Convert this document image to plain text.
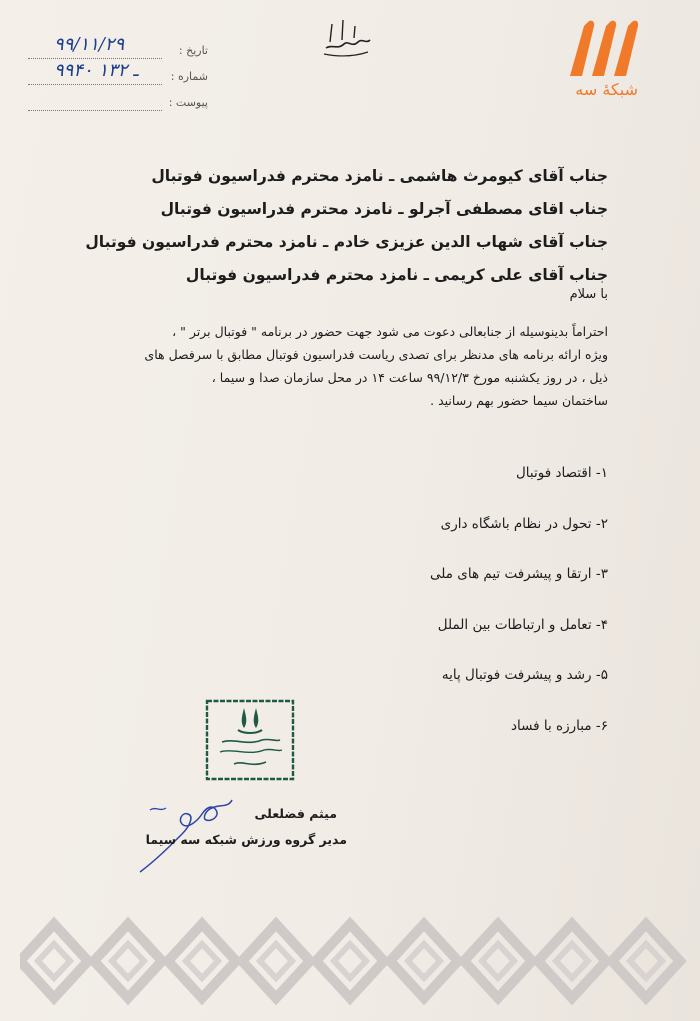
شبکهٔ سه
تاریخ :
۹۹/۱۱/۲۹
شماره :
۹۹۴۰ ـ ۱۳۲
پیوست :
جناب آقای کیومرث هاشمی ـ نامزد محترم فدراسیون فوتبال
جناب اقای مصطفی آجرلو ـ نامزد محترم فدراسیون فوتبال
جناب آقای شهاب الدین عزیزی خادم ـ نامزد محترم فدراسیون فوتبال
جناب آقای علی کریمی ـ نامزد محترم فدراسیون فوتبال
با سلام
احتراماً بدینوسیله از جنابعالی دعوت می شود جهت حضور در برنامه " فوتبال برتر " ،
ویژه ارائه برنامه های مدنظر برای تصدی ریاست فدراسیون فوتبال مطابق با سرفصل های
ذیل ، در روز یکشنبه مورخ ۹۹/۱۲/۳ ساعت ۱۴ در محل سازمان صدا و سیما ،
ساختمان سیما حضور بهم رسانید .
۱- اقتصاد فوتبال
۲- تحول در نظام باشگاه داری
۳- ارتقا و پیشرفت تیم های ملی
۴- تعامل و ارتباطات بین الملل
۵- رشد و پیشرفت فوتبال پایه
۶- مبارزه با فساد
میثم فضلعلی
مدیر گروه ورزش شبکه سه سیما
